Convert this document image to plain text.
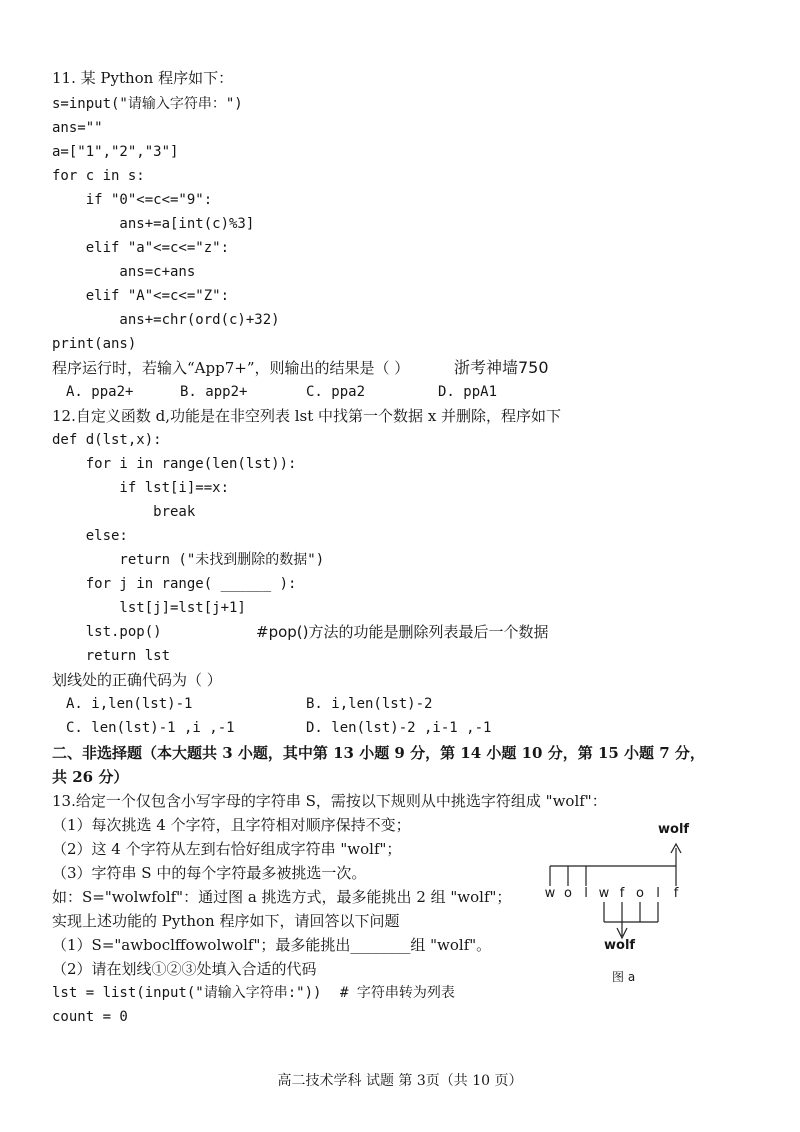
11. 某 Python 程序如下：
s=input("请输入字符串：")
ans=""
a=["1","2","3"]
for c in s:
if "0"<=c<="9":
ans+=a[int(c)%3]
elif "a"<=c<="z":
ans=c+ans
elif "A"<=c<="Z":
ans+=chr(ord(c)+32)
print(ans)
程序运行时，若输入“App7+”，则输出的结果是（ ）	浙考神墙750
A. ppa2+	B. app2+	C. ppa2	D. ppA1
12.自定义函数 d,功能是在非空列表 lst 中找第一个数据 x 并删除，程序如下
def d(lst,x):
for i in range(len(lst)):
if lst[i]==x:
break
else:
return ("未找到删除的数据")
for j in range( ______ ):
lst[j]=lst[j+1]
lst.pop()	#pop()方法的功能是删除列表最后一个数据
return lst
划线处的正确代码为（ ）
A. i,len(lst)-1	B. i,len(lst)-2
C. len(lst)-1 ,i ,-1	D. len(lst)-2 ,i-1 ,-1
二、非选择题（本大题共 3 小题，其中第 13 小题 9 分，第 14 小题 10 分，第 15 小题 7 分，
共 26 分）
13.给定一个仅包含小写字母的字符串 S，需按以下规则从中挑选字符组成 "wolf"：
（1）每次挑选 4 个字符，且字符相对顺序保持不变；
（2）这 4 个字符从左到右恰好组成字符串 "wolf"；
（3）字符串 S 中的每个字符最多被挑选一次。
如：S="wolwfolf"：通过图 a 挑选方式，最多能挑出 2 组 "wolf"；
实现上述功能的 Python 程序如下，请回答以下问题
（1）S="awboclffowolwolf"；最多能挑出________组 "wolf"。
（2）请在划线①②③处填入合适的代码
lst = list(input("请输入字符串:")) # 字符串转为列表
count = 0
wolf
w o l w f o l	f
wolf
图 a
高二技术学科 试题 第 3页（共 10 页）
